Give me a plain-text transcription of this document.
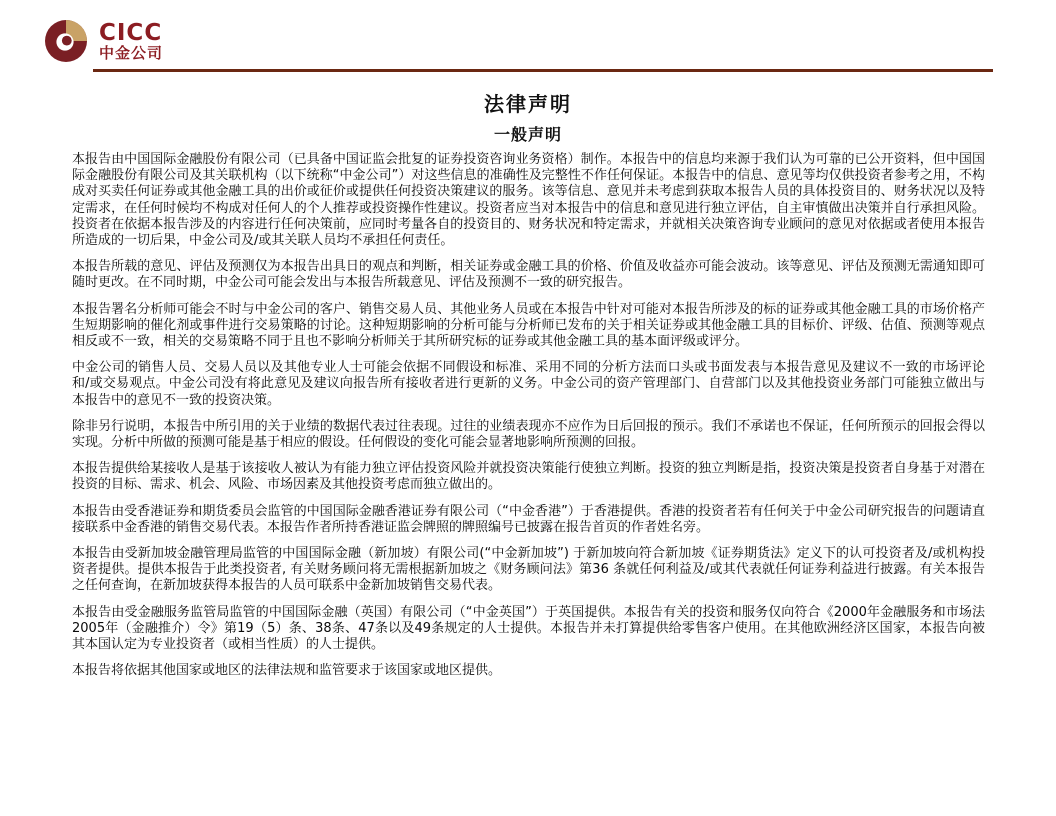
CICC
中金公司
法律声明
一般声明

本报告由中国国际金融股份有限公司（已具备中国证监会批复的证券投资咨询业务资格）制作。本报告中的信息均来源于我们认为可靠的已公开资料，但中国国际金融股份有限公司及其关联机构（以下统称“中金公司”）对这些信息的准确性及完整性不作任何保证。本报告中的信息、意见等均仅供投资者参考之用，不构成对买卖任何证券或其他金融工具的出价或征价或提供任何投资决策建议的服务。该等信息、意见并未考虑到获取本报告人员的具体投资目的、财务状况以及特定需求，在任何时候均不构成对任何人的个人推荐或投资操作性建议。投资者应当对本报告中的信息和意见进行独立评估，自主审慎做出决策并自行承担风险。投资者在依据本报告涉及的内容进行任何决策前，应同时考量各自的投资目的、财务状况和特定需求，并就相关决策咨询专业顾问的意见对依据或者使用本报告所造成的一切后果，中金公司及/或其关联人员均不承担任何责任。

本报告所载的意见、评估及预测仅为本报告出具日的观点和判断，相关证券或金融工具的价格、价值及收益亦可能会波动。该等意见、评估及预测无需通知即可随时更改。在不同时期，中金公司可能会发出与本报告所载意见、评估及预测不一致的研究报告。

本报告署名分析师可能会不时与中金公司的客户、销售交易人员、其他业务人员或在本报告中针对可能对本报告所涉及的标的证券或其他金融工具的市场价格产生短期影响的催化剂或事件进行交易策略的讨论。这种短期影响的分析可能与分析师已发布的关于相关证券或其他金融工具的目标价、评级、估值、预测等观点相反或不一致，相关的交易策略不同于且也不影响分析师关于其所研究标的证券或其他金融工具的基本面评级或评分。

中金公司的销售人员、交易人员以及其他专业人士可能会依据不同假设和标准、采用不同的分析方法而口头或书面发表与本报告意见及建议不一致的市场评论和/或交易观点。中金公司没有将此意见及建议向报告所有接收者进行更新的义务。中金公司的资产管理部门、自营部门以及其他投资业务部门可能独立做出与本报告中的意见不一致的投资决策。

除非另行说明，本报告中所引用的关于业绩的数据代表过往表现。过往的业绩表现亦不应作为日后回报的预示。我们不承诺也不保证，任何所预示的回报会得以实现。分析中所做的预测可能是基于相应的假设。任何假设的变化可能会显著地影响所预测的回报。

本报告提供给某接收人是基于该接收人被认为有能力独立评估投资风险并就投资决策能行使独立判断。投资的独立判断是指，投资决策是投资者自身基于对潜在投资的目标、需求、机会、风险、市场因素及其他投资考虑而独立做出的。

本报告由受香港证券和期货委员会监管的中国国际金融香港证券有限公司（“中金香港”）于香港提供。香港的投资者若有任何关于中金公司研究报告的问题请直接联系中金香港的销售交易代表。本报告作者所持香港证监会牌照的牌照编号已披露在报告首页的作者姓名旁。

本报告由受新加坡金融管理局监管的中国国际金融（新加坡）有限公司(“中金新加坡”) 于新加坡向符合新加坡《证券期货法》定义下的认可投资者及/或机构投资者提供。提供本报告于此类投资者, 有关财务顾问将无需根据新加坡之《财务顾问法》第36 条就任何利益及/或其代表就任何证券利益进行披露。有关本报告之任何查询，在新加坡获得本报告的人员可联系中金新加坡销售交易代表。

本报告由受金融服务监管局监管的中国国际金融（英国）有限公司（“中金英国”）于英国提供。本报告有关的投资和服务仅向符合《2000年金融服务和市场法2005年（金融推介）令》第19（5）条、38条、47条以及49条规定的人士提供。本报告并未打算提供给零售客户使用。在其他欧洲经济区国家，本报告向被其本国认定为专业投资者（或相当性质）的人士提供。

本报告将依据其他国家或地区的法律法规和监管要求于该国家或地区提供。
